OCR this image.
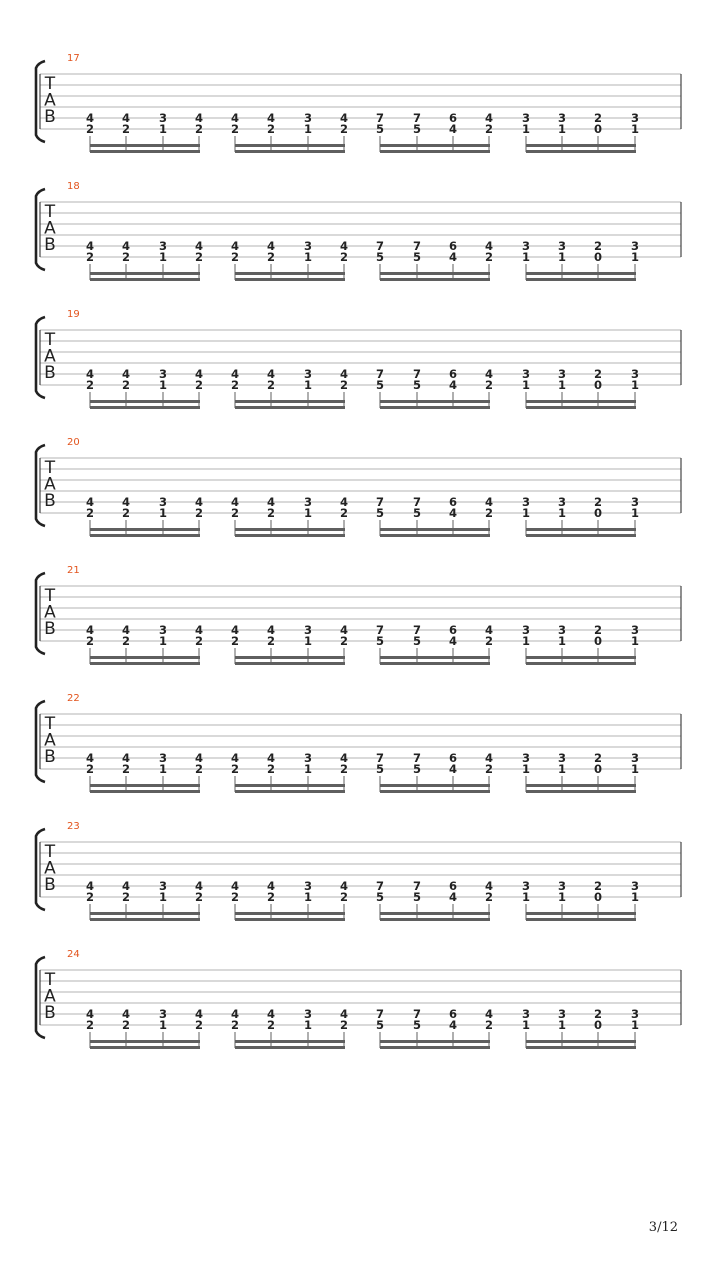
17
T
A
B	4
2
4
2
3
1
4
2
4
2
4
2
3
1
4
2
7
5
7
5
6
4
4
2
3
1
3
1
2
0
3
1
18
T
A
B	4
2
4
2
3
1
4
2
4
2
4
2
3
1
4
2
7
5
7
5
6
4
4
2
3
1
3
1
2
0
3
1
19
T
A
B	4
2
4
2
3
1
4
2
4
2
4
2
3
1
4
2
7
5
7
5
6
4
4
2
3
1
3
1
2
0
3
1
20
T
A
B	4
2
4
2
3
1
4
2
4
2
4
2
3
1
4
2
7
5
7
5
6
4
4
2
3
1
3
1
2
0
3
1
21
T
A
B	4
2
4
2
3
1
4
2
4
2
4
2
3
1
4
2
7
5
7
5
6
4
4
2
3
1
3
1
2
0
3
1
22
T
A
B	4
2
4
2
3
1
4
2
4
2
4
2
3
1
4
2
7
5
7
5
6
4
4
2
3
1
3
1
2
0
3
1
23
T
A
B	4
2
4
2
3
1
4
2
4
2
4
2
3
1
4
2
7
5
7
5
6
4
4
2
3
1
3
1
2
0
3
1
24
T
A
B	4
2
4
2
3
1
4
2
4
2
4
2
3
1
4
2
7
5
7
5
6
4
4
2
3
1
3
1
2
0
3
1
3/12
